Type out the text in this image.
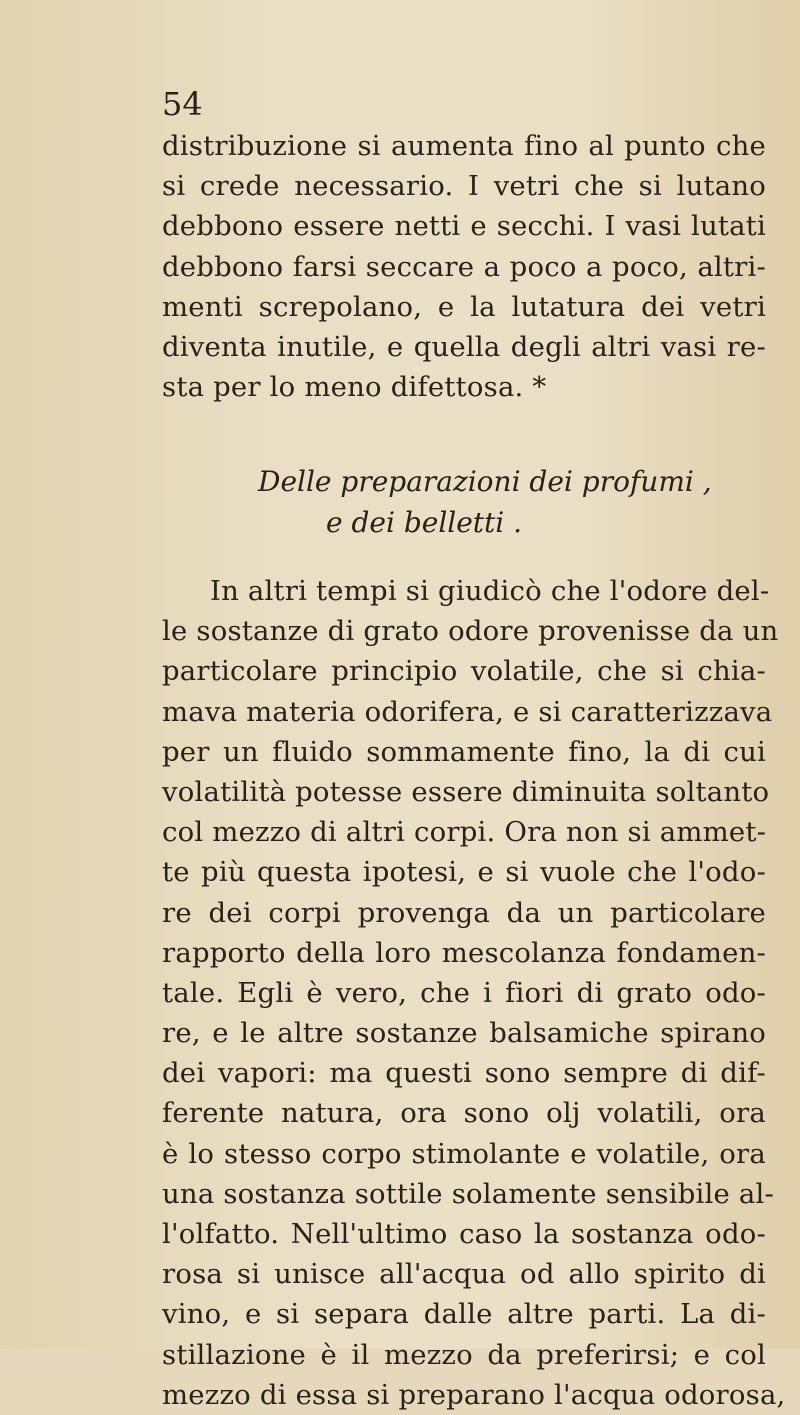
54
distribuzione si aumenta fino al punto che
si crede necessario. I vetri che si lutano
debbono essere netti e secchi. I vasi lutati
debbono farsi seccare a poco a poco, altri-
menti screpolano, e la lutatura dei vetri
diventa inutile, e quella degli altri vasi re-
sta per lo meno difettosa. *
Delle preparazioni dei profumi ,
e dei belletti .
In altri tempi si giudicò che l'odore del-
le sostanze di grato odore provenisse da un
particolare principio volatile, che si chia-
mava materia odorifera, e si caratterizzava
per un fluido sommamente fino, la di cui
volatilità potesse essere diminuita soltanto
col mezzo di altri corpi. Ora non si ammet-
te più questa ipotesi, e si vuole che l'odo-
re dei corpi provenga da un particolare
rapporto della loro mescolanza fondamen-
tale. Egli è vero, che i fiori di grato odo-
re, e le altre sostanze balsamiche spirano
dei vapori: ma questi sono sempre di dif-
ferente natura, ora sono olj volatili, ora
è lo stesso corpo stimolante e volatile, ora
una sostanza sottile solamente sensibile al-
l'olfatto. Nell'ultimo caso la sostanza odo-
rosa si unisce all'acqua od allo spirito di
vino, e si separa dalle altre parti. La di-
stillazione è il mezzo da preferirsi; e col
mezzo di essa si preparano l'acqua odorosa,
